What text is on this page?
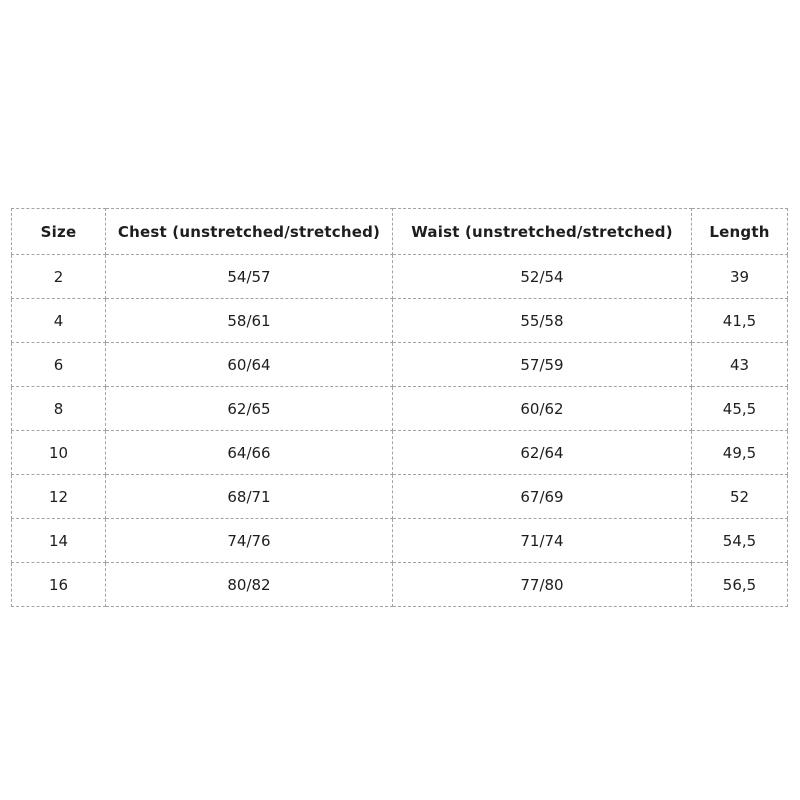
Size	Chest (unstretched/stretched)	Waist (unstretched/stretched)	Length
2	54/57	52/54	39
4	58/61	55/58	41,5
6	60/64	57/59	43
8	62/65	60/62	45,5
10	64/66	62/64	49,5
12	68/71	67/69	52
14	74/76	71/74	54,5
16	80/82	77/80	56,5
